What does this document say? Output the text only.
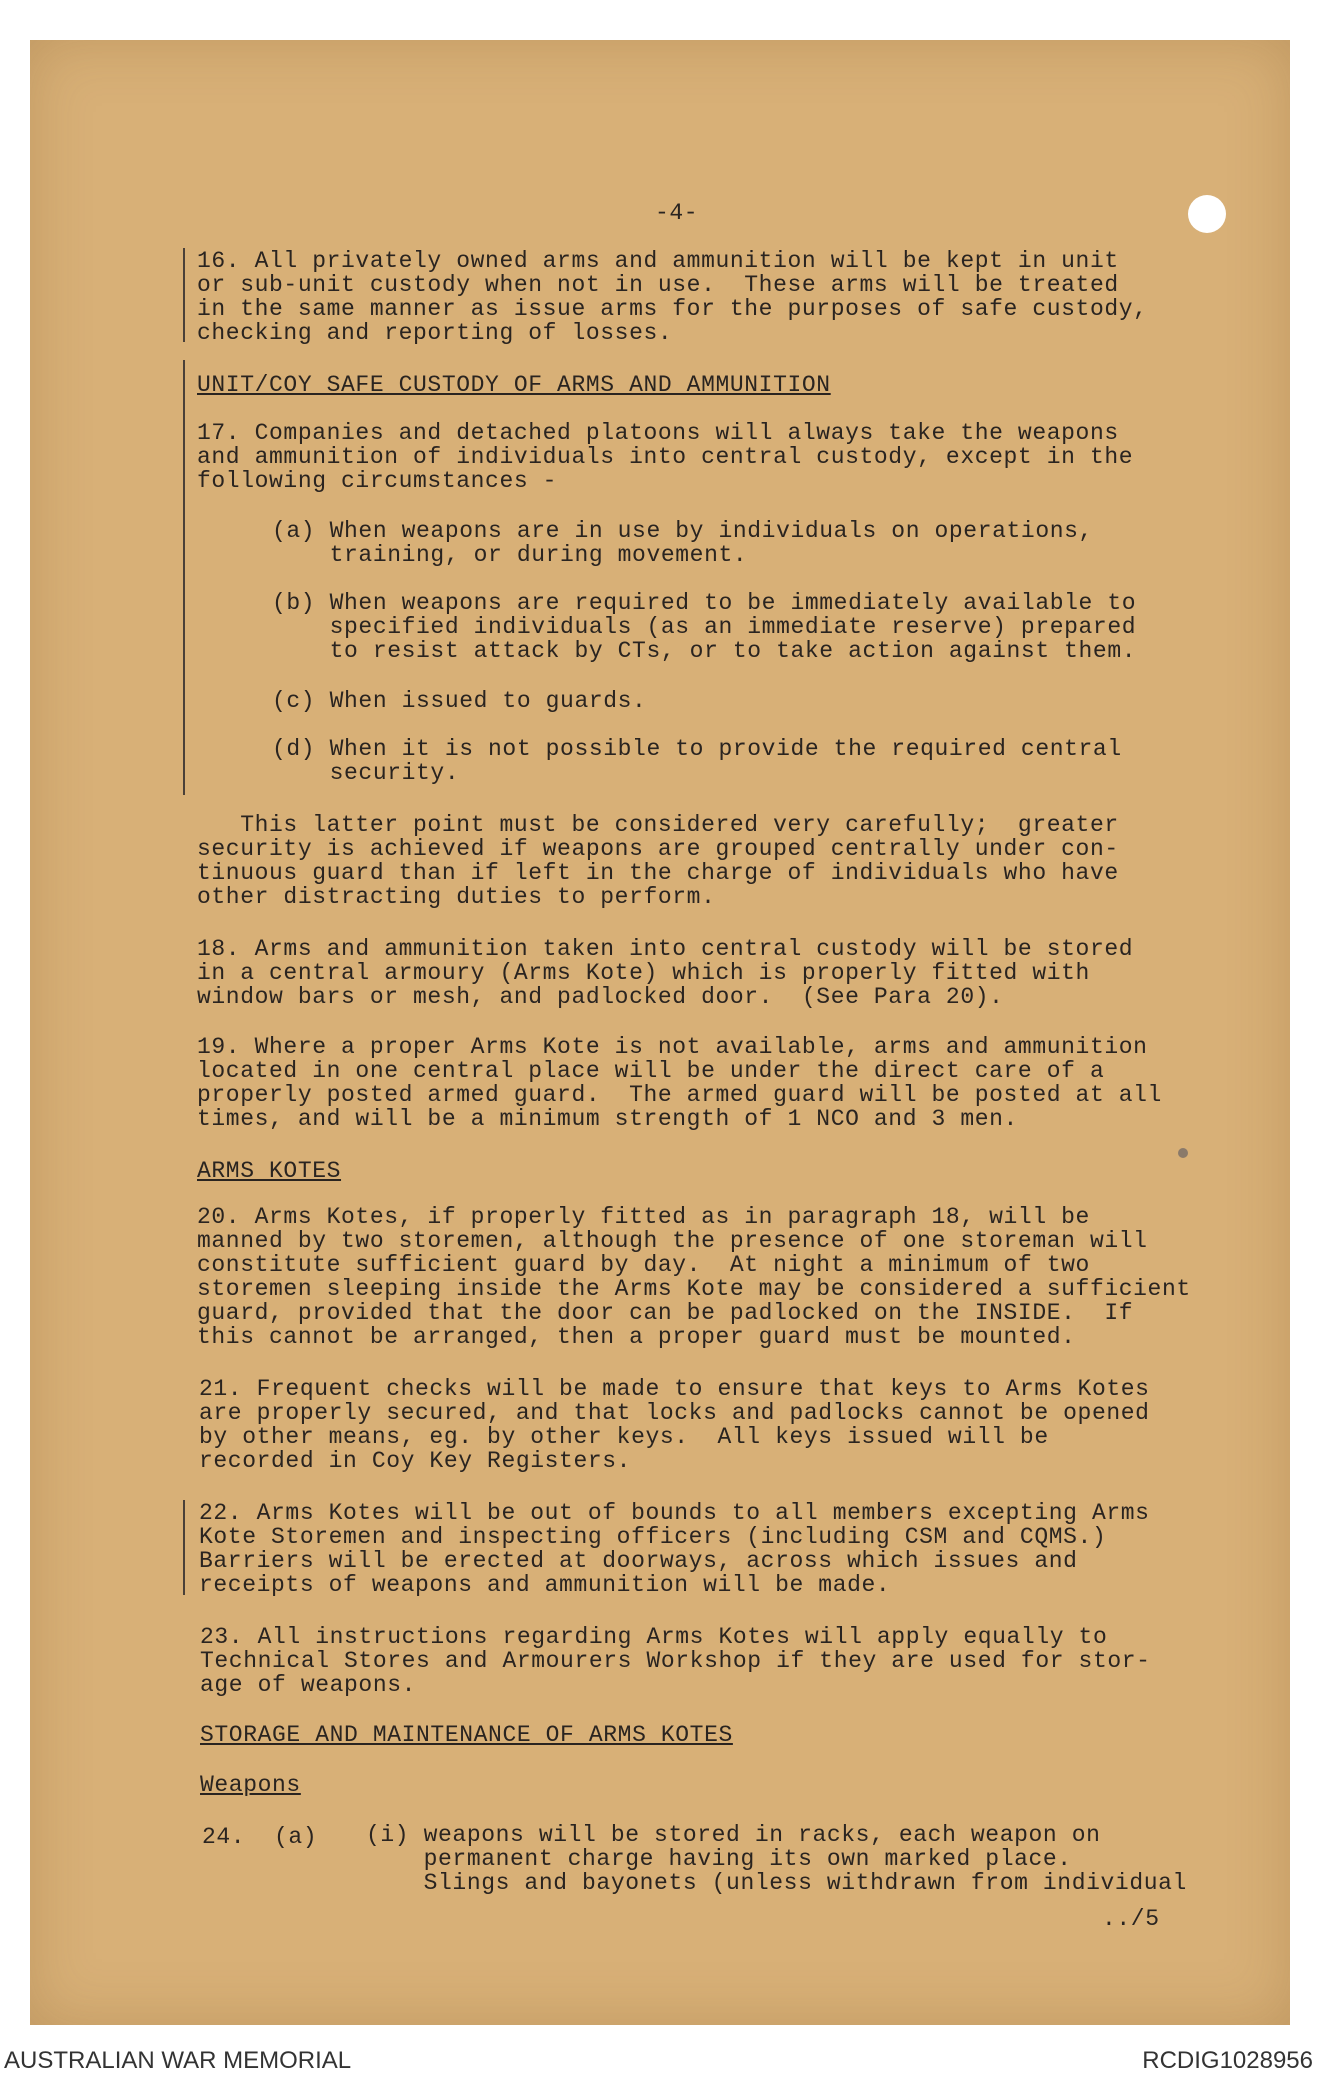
-4-
16. All privately owned arms and ammunition will be kept in unit
or sub-unit custody when not in use.  These arms will be treated
in the same manner as issue arms for the purposes of safe custody,
checking and reporting of losses.
UNIT/COY SAFE CUSTODY OF ARMS AND AMMUNITION
17. Companies and detached platoons will always take the weapons
and ammunition of individuals into central custody, except in the
following circumstances -
(a) When weapons are in use by individuals on operations,
training, or during movement.
(b) When weapons are required to be immediately available to
specified individuals (as an immediate reserve) prepared
to resist attack by CTs, or to take action against them.
(c) When issued to guards.
(d) When it is not possible to provide the required central
security.
This latter point must be considered very carefully;  greater
security is achieved if weapons are grouped centrally under con-
tinuous guard than if left in the charge of individuals who have
other distracting duties to perform.
18. Arms and ammunition taken into central custody will be stored
in a central armoury (Arms Kote) which is properly fitted with
window bars or mesh, and padlocked door.  (See Para 20).
19. Where a proper Arms Kote is not available, arms and ammunition
located in one central place will be under the direct care of a
properly posted armed guard.  The armed guard will be posted at all
times, and will be a minimum strength of 1 NCO and 3 men.
ARMS KOTES
20. Arms Kotes, if properly fitted as in paragraph 18, will be
manned by two storemen, although the presence of one storeman will
constitute sufficient guard by day.  At night a minimum of two
storemen sleeping inside the Arms Kote may be considered a sufficient
guard, provided that the door can be padlocked on the INSIDE.  If
this cannot be arranged, then a proper guard must be mounted.
21. Frequent checks will be made to ensure that keys to Arms Kotes
are properly secured, and that locks and padlocks cannot be opened
by other means, eg. by other keys.  All keys issued will be
recorded in Coy Key Registers.
22. Arms Kotes will be out of bounds to all members excepting Arms
Kote Storemen and inspecting officers (including CSM and CQMS.)
Barriers will be erected at doorways, across which issues and
receipts of weapons and ammunition will be made.
23. All instructions regarding Arms Kotes will apply equally to
Technical Stores and Armourers Workshop if they are used for stor-
age of weapons.
STORAGE AND MAINTENANCE OF ARMS KOTES
Weapons
24.  (a) (i) weapons will be stored in racks, each weapon on
permanent charge having its own marked place.
Slings and bayonets (unless withdrawn from individual
../5
AUSTRALIAN WAR MEMORIAL	RCDIG1028956
